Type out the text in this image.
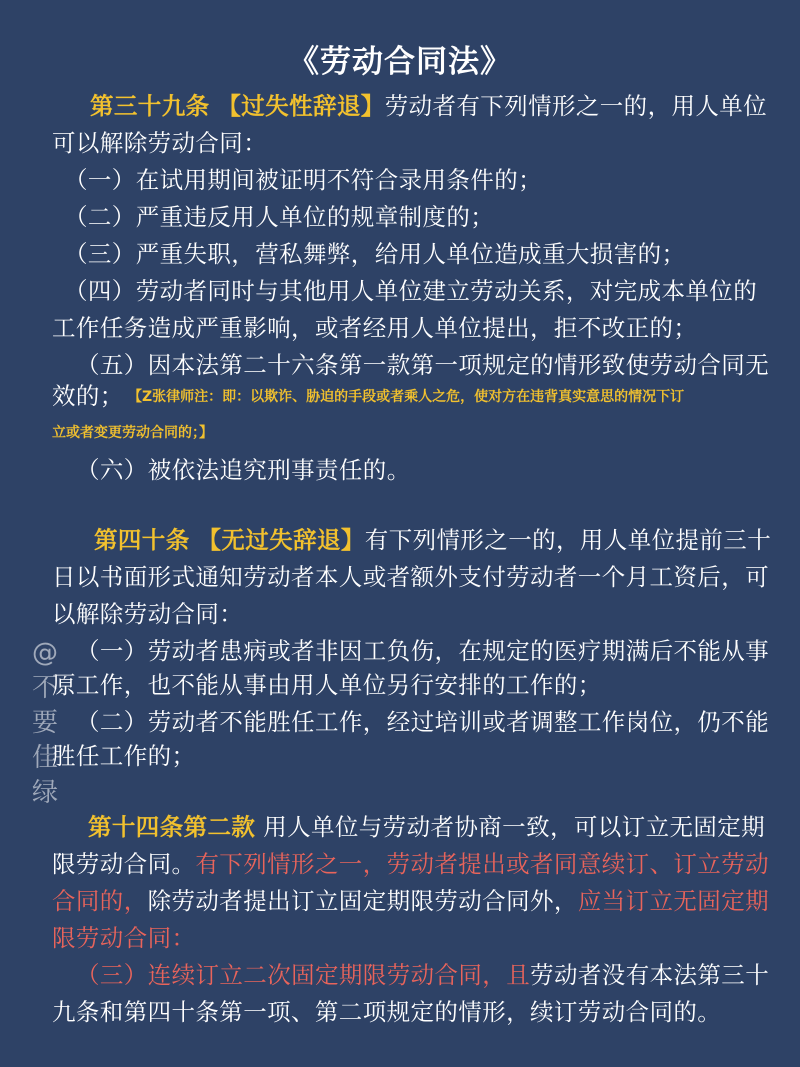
《劳动合同法》
第三十九条 【过失性辞退】劳动者有下列情形之一的，用人单位
可以解除劳动合同：
（一）在试用期间被证明不符合录用条件的；
（二）严重违反用人单位的规章制度的；
（三）严重失职，营私舞弊，给用人单位造成重大损害的；
（四）劳动者同时与其他用人单位建立劳动关系，对完成本单位的
工作任务造成严重影响，或者经用人单位提出，拒不改正的；
（五）因本法第二十六条第一款第一项规定的情形致使劳动合同无
效的； 【Z张律师注：即：以欺诈、胁迫的手段或者乘人之危，使对方在违背真实意思的情况下订
立或者变更劳动合同的；】
（六）被依法追究刑事责任的。
第四十条 【无过失辞退】有下列情形之一的，用人单位提前三十
日以书面形式通知劳动者本人或者额外支付劳动者一个月工资后，可
以解除劳动合同：
（一）劳动者患病或者非因工负伤，在规定的医疗期满后不能从事
原工作，也不能从事由用人单位另行安排的工作的；
（二）劳动者不能胜任工作，经过培训或者调整工作岗位，仍不能
胜任工作的；
第十四条第二款 用人单位与劳动者协商一致，可以订立无固定期
限劳动合同。有下列情形之一，劳动者提出或者同意续订、订立劳动
合同的，除劳动者提出订立固定期限劳动合同外，应当订立无固定期
限劳动合同：
（三）连续订立二次固定期限劳动合同，且劳动者没有本法第三十
九条和第四十条第一项、第二项规定的情形，续订劳动合同的。
@
不
要
佳
绿
